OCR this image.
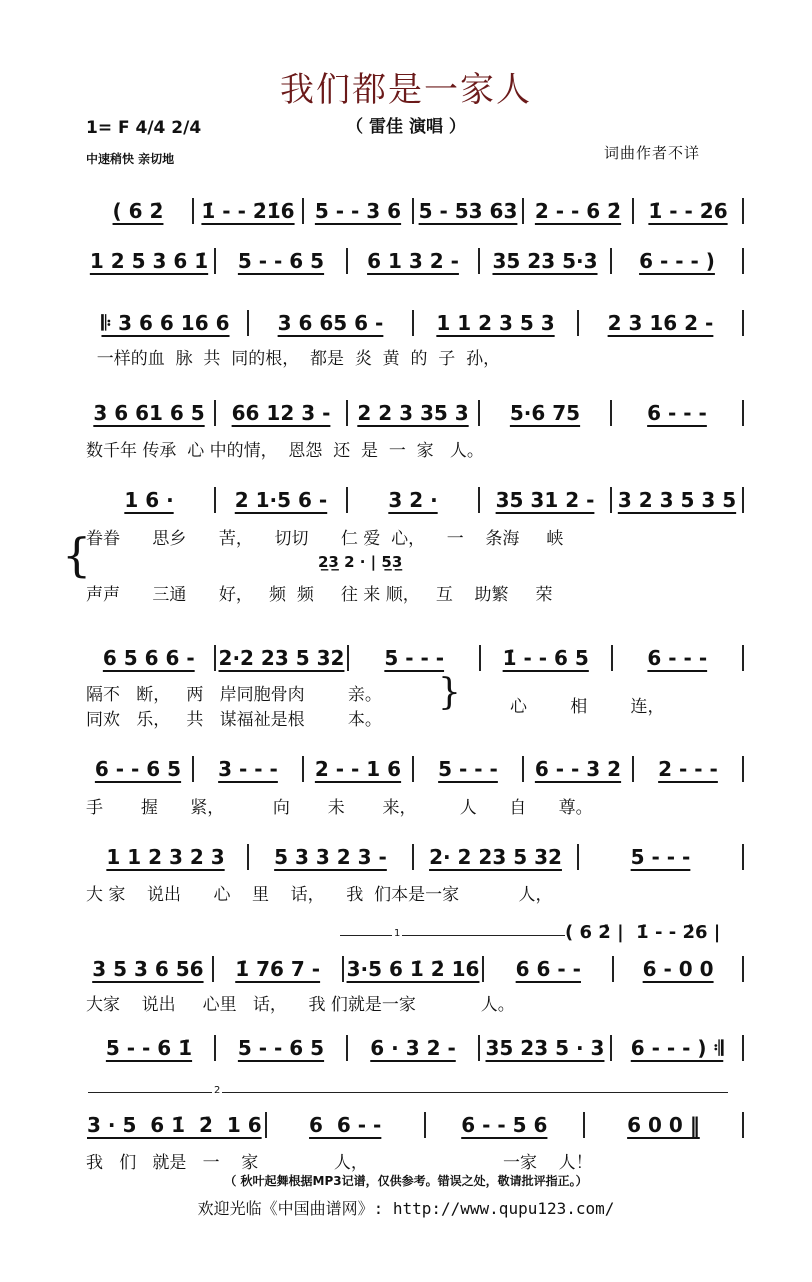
我们都是一家人
（ 雷佳 演唱 ）
1= F 4/4 2/4
中速稍快 亲切地	词曲作者不详
( 6 2̇	1̇ - - 2̇1̇6	5 - - 3 6 5 - 53 63 2 - - 6 2̇	1̇ - - 2̇6
1 2 5 3 6 1̇	5 - - 6 5	6 1 3 2 -	35 23 5·3	6 - - - )
𝄆 3 6 6 16 6	3 6 65 6 -	1 1 2 3 5 3	2 3 16 2 -
3 6 61 6 5	66 12 3 -	2 2 3 35 3	5·6 75	6 - - -
1 6 ·	2 1·5 6 -	3 2 ·	35 31 2 -	3 2 3 5 3 5
6 5 6 6 -	2·2 23 5 32	5 - - -	1̇ - - 6 5	6 - - -
6 - - 6 5	3 - - -	2 - - 1 6	5 - - -	6 - - 3 2	2 - - -
1 1 2 3 2 3	5 3 3 2 3 -	2· 2 23 5 32	5 - - -
3 5 3 6 56	1̇ 76 7 -	3·5 6 1̇ 2̇ 16	6 6 - -	6 - 0 0
5 - - 6 1̇	5 - - 6 5	6 · 3 2 -	35 23 5 · 3	6 - - - ) 𝄇
3 · 5  6 1̇  2̇  1 6	6  6 - -	6 - - 5 6	6 0 0 ‖
一样的血  脉  共  同的根，  都是  炎  黄  的  子  孙，
数千年 传承  心 中的情，  恩怨  还  是  一  家   人。
眷眷      思乡      苦，    切切      仁 爱  心，    一    条海     峡
2̲3̲ 2 · | 5̲3̲
{
声声      三通      好，   频  频     往 来 顺，   互    助繁     荣
隔不   断，   两   岸同胞骨肉        亲。
同欢   乐，   共   谋福祉是根        本。
}	心        相        连，
手       握      紧，         向       未       来，        人      自      尊。
大 家    说出      心    里    话，    我  们本是一家           人，
1	( 6 2̇ |  1̇ - - 2̇6 |
大家    说出     心里   话，    我 们就是一家            人。
2
我   们   就是   一    家              人，                         一家    人！
（ 秋叶起舞根据MP3记谱，仅供参考。错误之处，敬请批评指正。）
欢迎光临《中国曲谱网》: http://www.qupu123.com/
